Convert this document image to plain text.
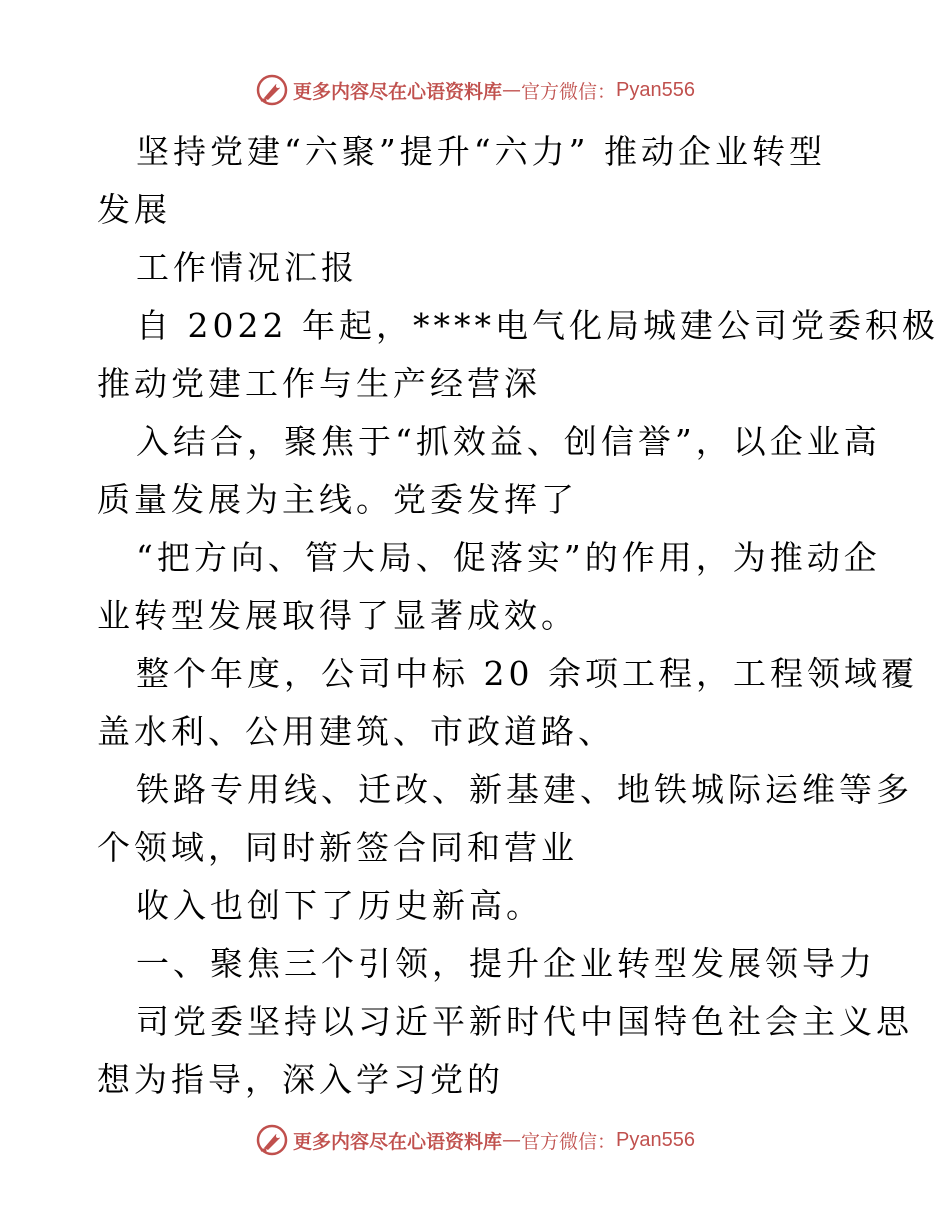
更多内容尽在心语资料库 — 官方微信： Pyan556

坚持党建“六聚”提升“六力” 推动企业转型

发展

工作情况汇报

自 2022 年起，****电气化局城建公司党委积极

推动党建工作与生产经营深

入结合，聚焦于“抓效益、创信誉”，以企业高

质量发展为主线。党委发挥了

“把方向、管大局、促落实”的作用，为推动企

业转型发展取得了显著成效。

整个年度，公司中标 20 余项工程，工程领域覆

盖水利、公用建筑、市政道路、

铁路专用线、迁改、新基建、地铁城际运维等多

个领域，同时新签合同和营业

收入也创下了历史新高。

一、聚焦三个引领，提升企业转型发展领导力

司党委坚持以习近平新时代中国特色社会主义思

想为指导，深入学习党的

更多内容尽在心语资料库 — 官方微信： Pyan556
